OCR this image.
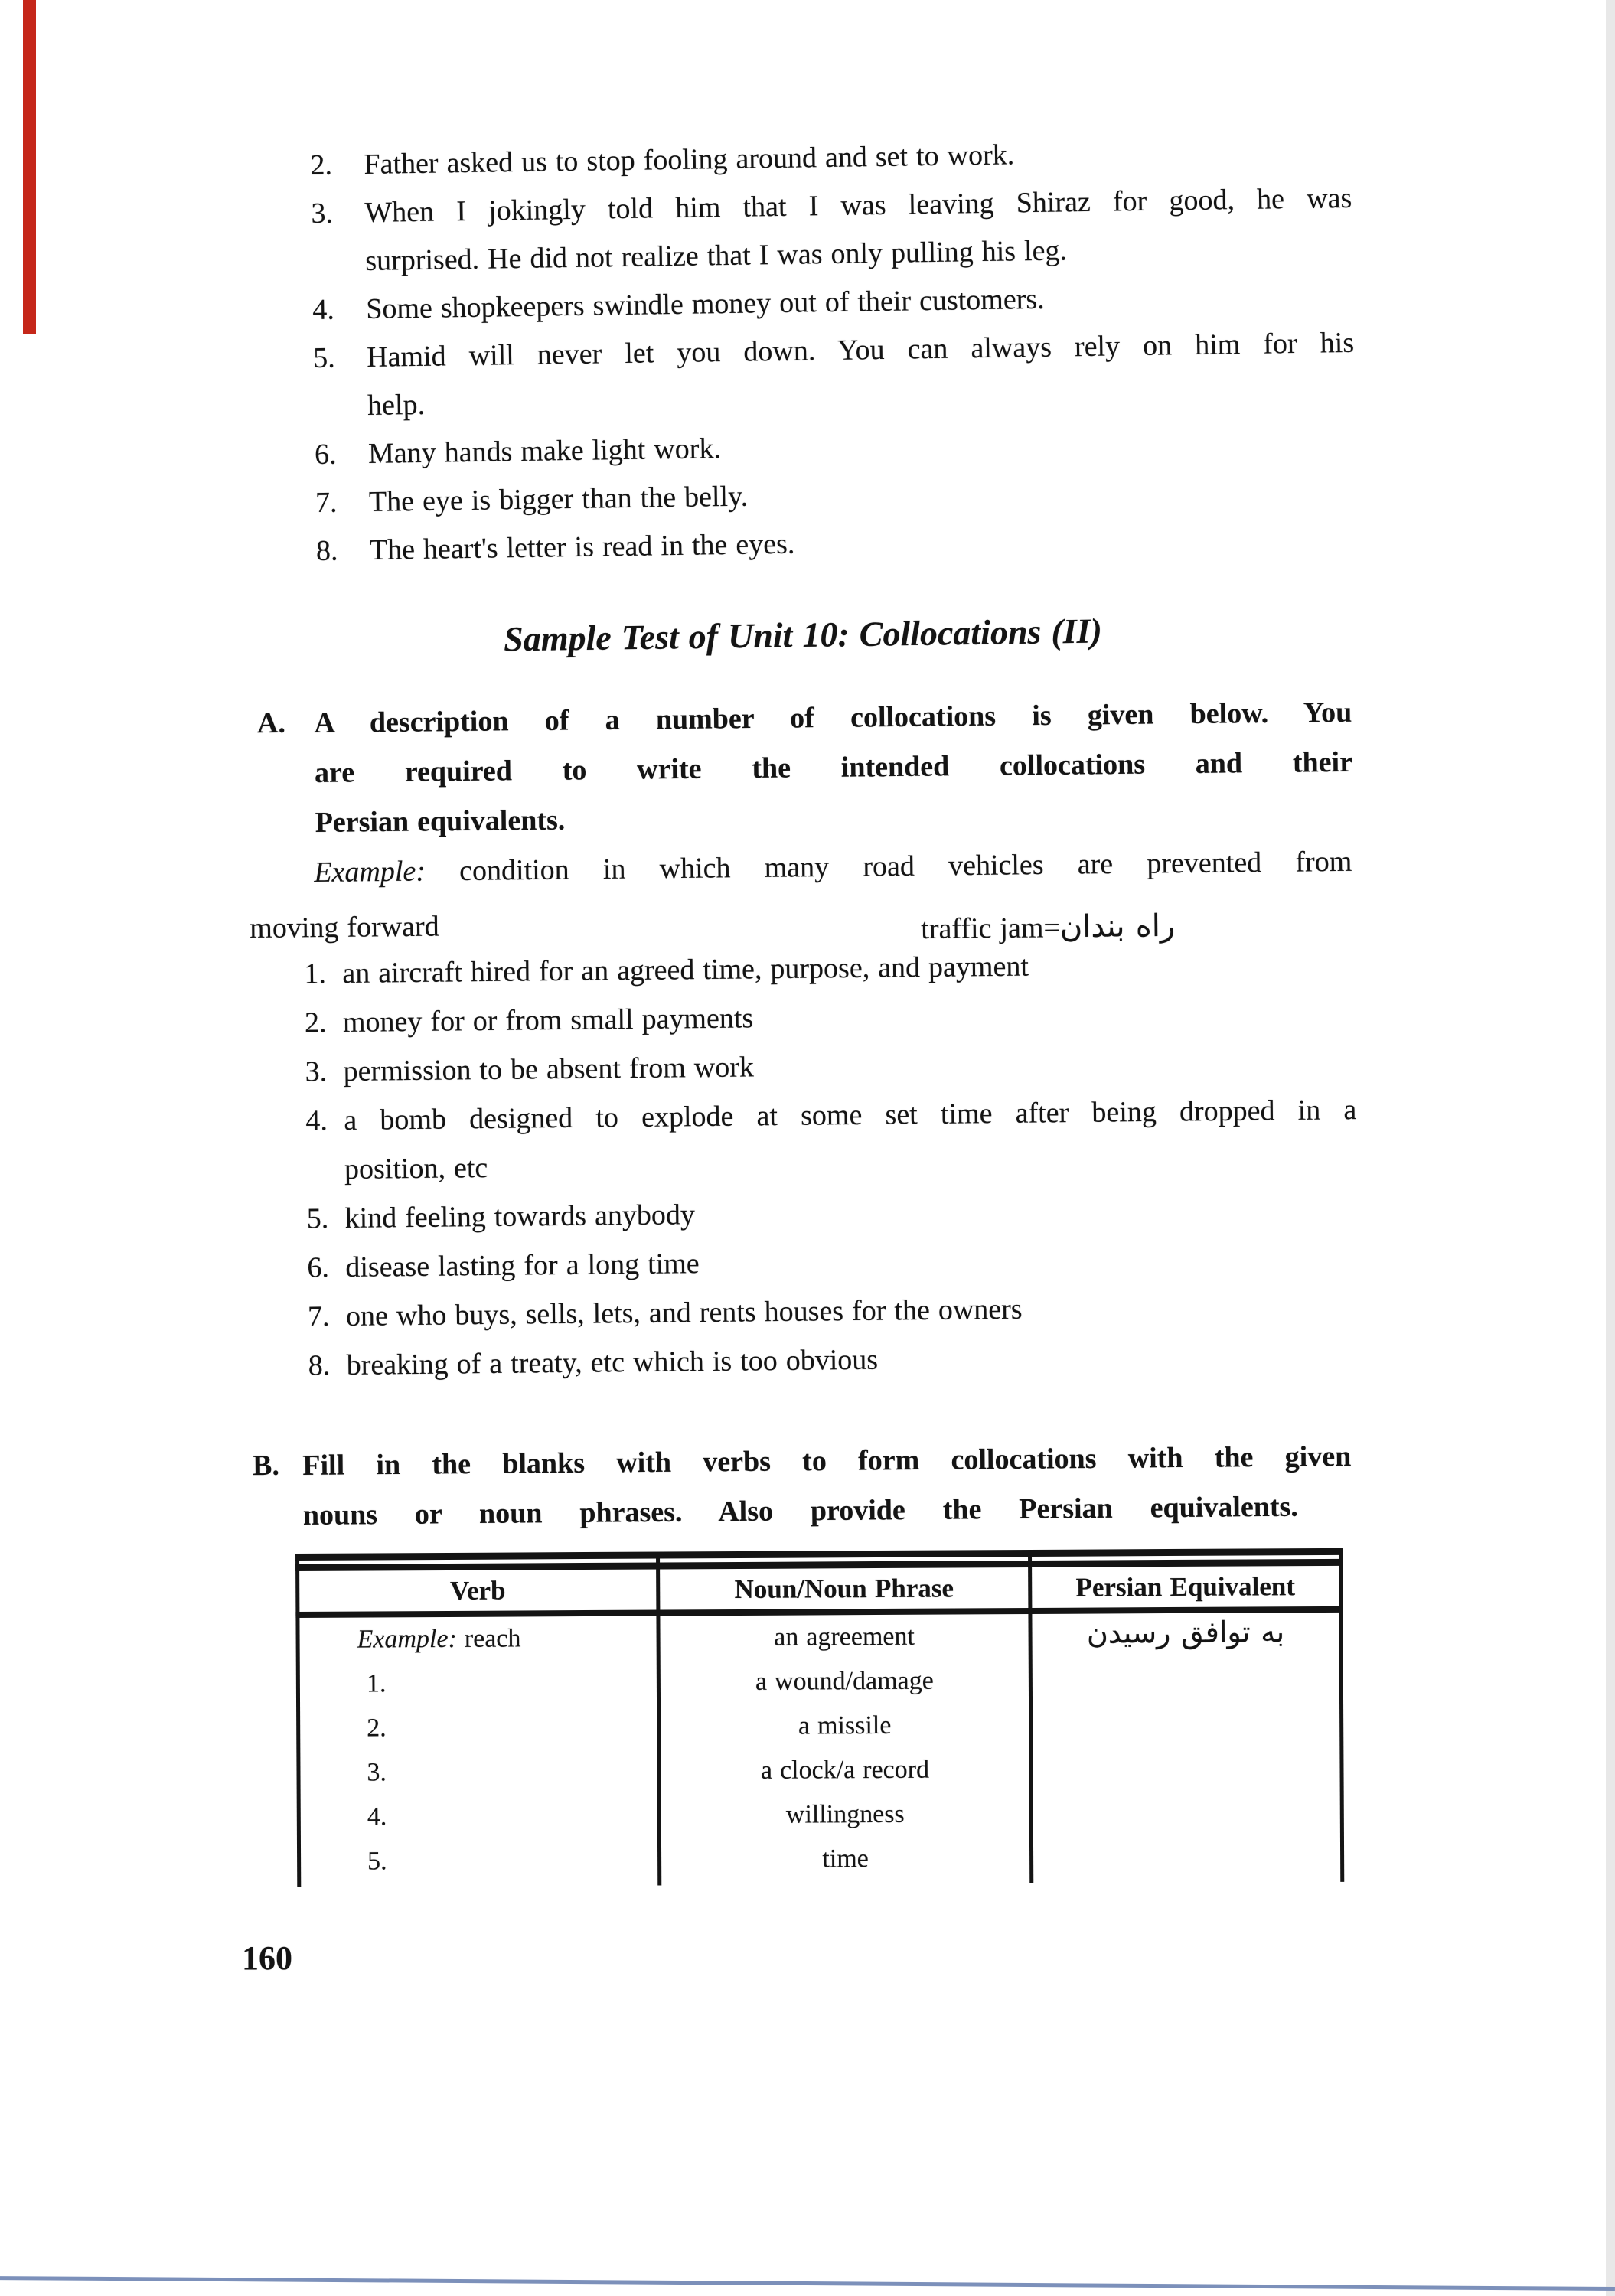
2. Father asked us to stop fooling around and set to work.
3. When I jokingly told him that I was leaving Shiraz for good, he was
surprised. He did not realize that I was only pulling his leg.
4. Some shopkeepers swindle money out of their customers.
5. Hamid will never let you down. You can always rely on him for his
help.
6. Many hands make light work.
7. The eye is bigger than the belly.
8. The heart's letter is read in the eyes.
Sample Test of Unit 10: Collocations (II)
A. A description of a number of collocations is given below. You
are required to write the intended collocations and their
Persian equivalents.
Example: condition in which many road vehicles are prevented from
moving forward	traffic jam=راه بندان
1. an aircraft hired for an agreed time, purpose, and payment
2. money for or from small payments
3. permission to be absent from work
4. a bomb designed to explode at some set time after being dropped in a
position, etc
5. kind feeling towards anybody
6. disease lasting for a long time
7. one who buys, sells, lets, and rents houses for the owners
8. breaking of a treaty, etc which is too obvious
B. Fill in the blanks with verbs to form collocations with the given
nouns or noun phrases. Also provide the Persian equivalents.
Verb	Noun/Noun Phrase	Persian Equivalent
Example: reach	an agreement	به توافق رسیدن
1.	a wound/damage
2.	a missile
3.	a clock/a record
4.	willingness
5.	time
160
